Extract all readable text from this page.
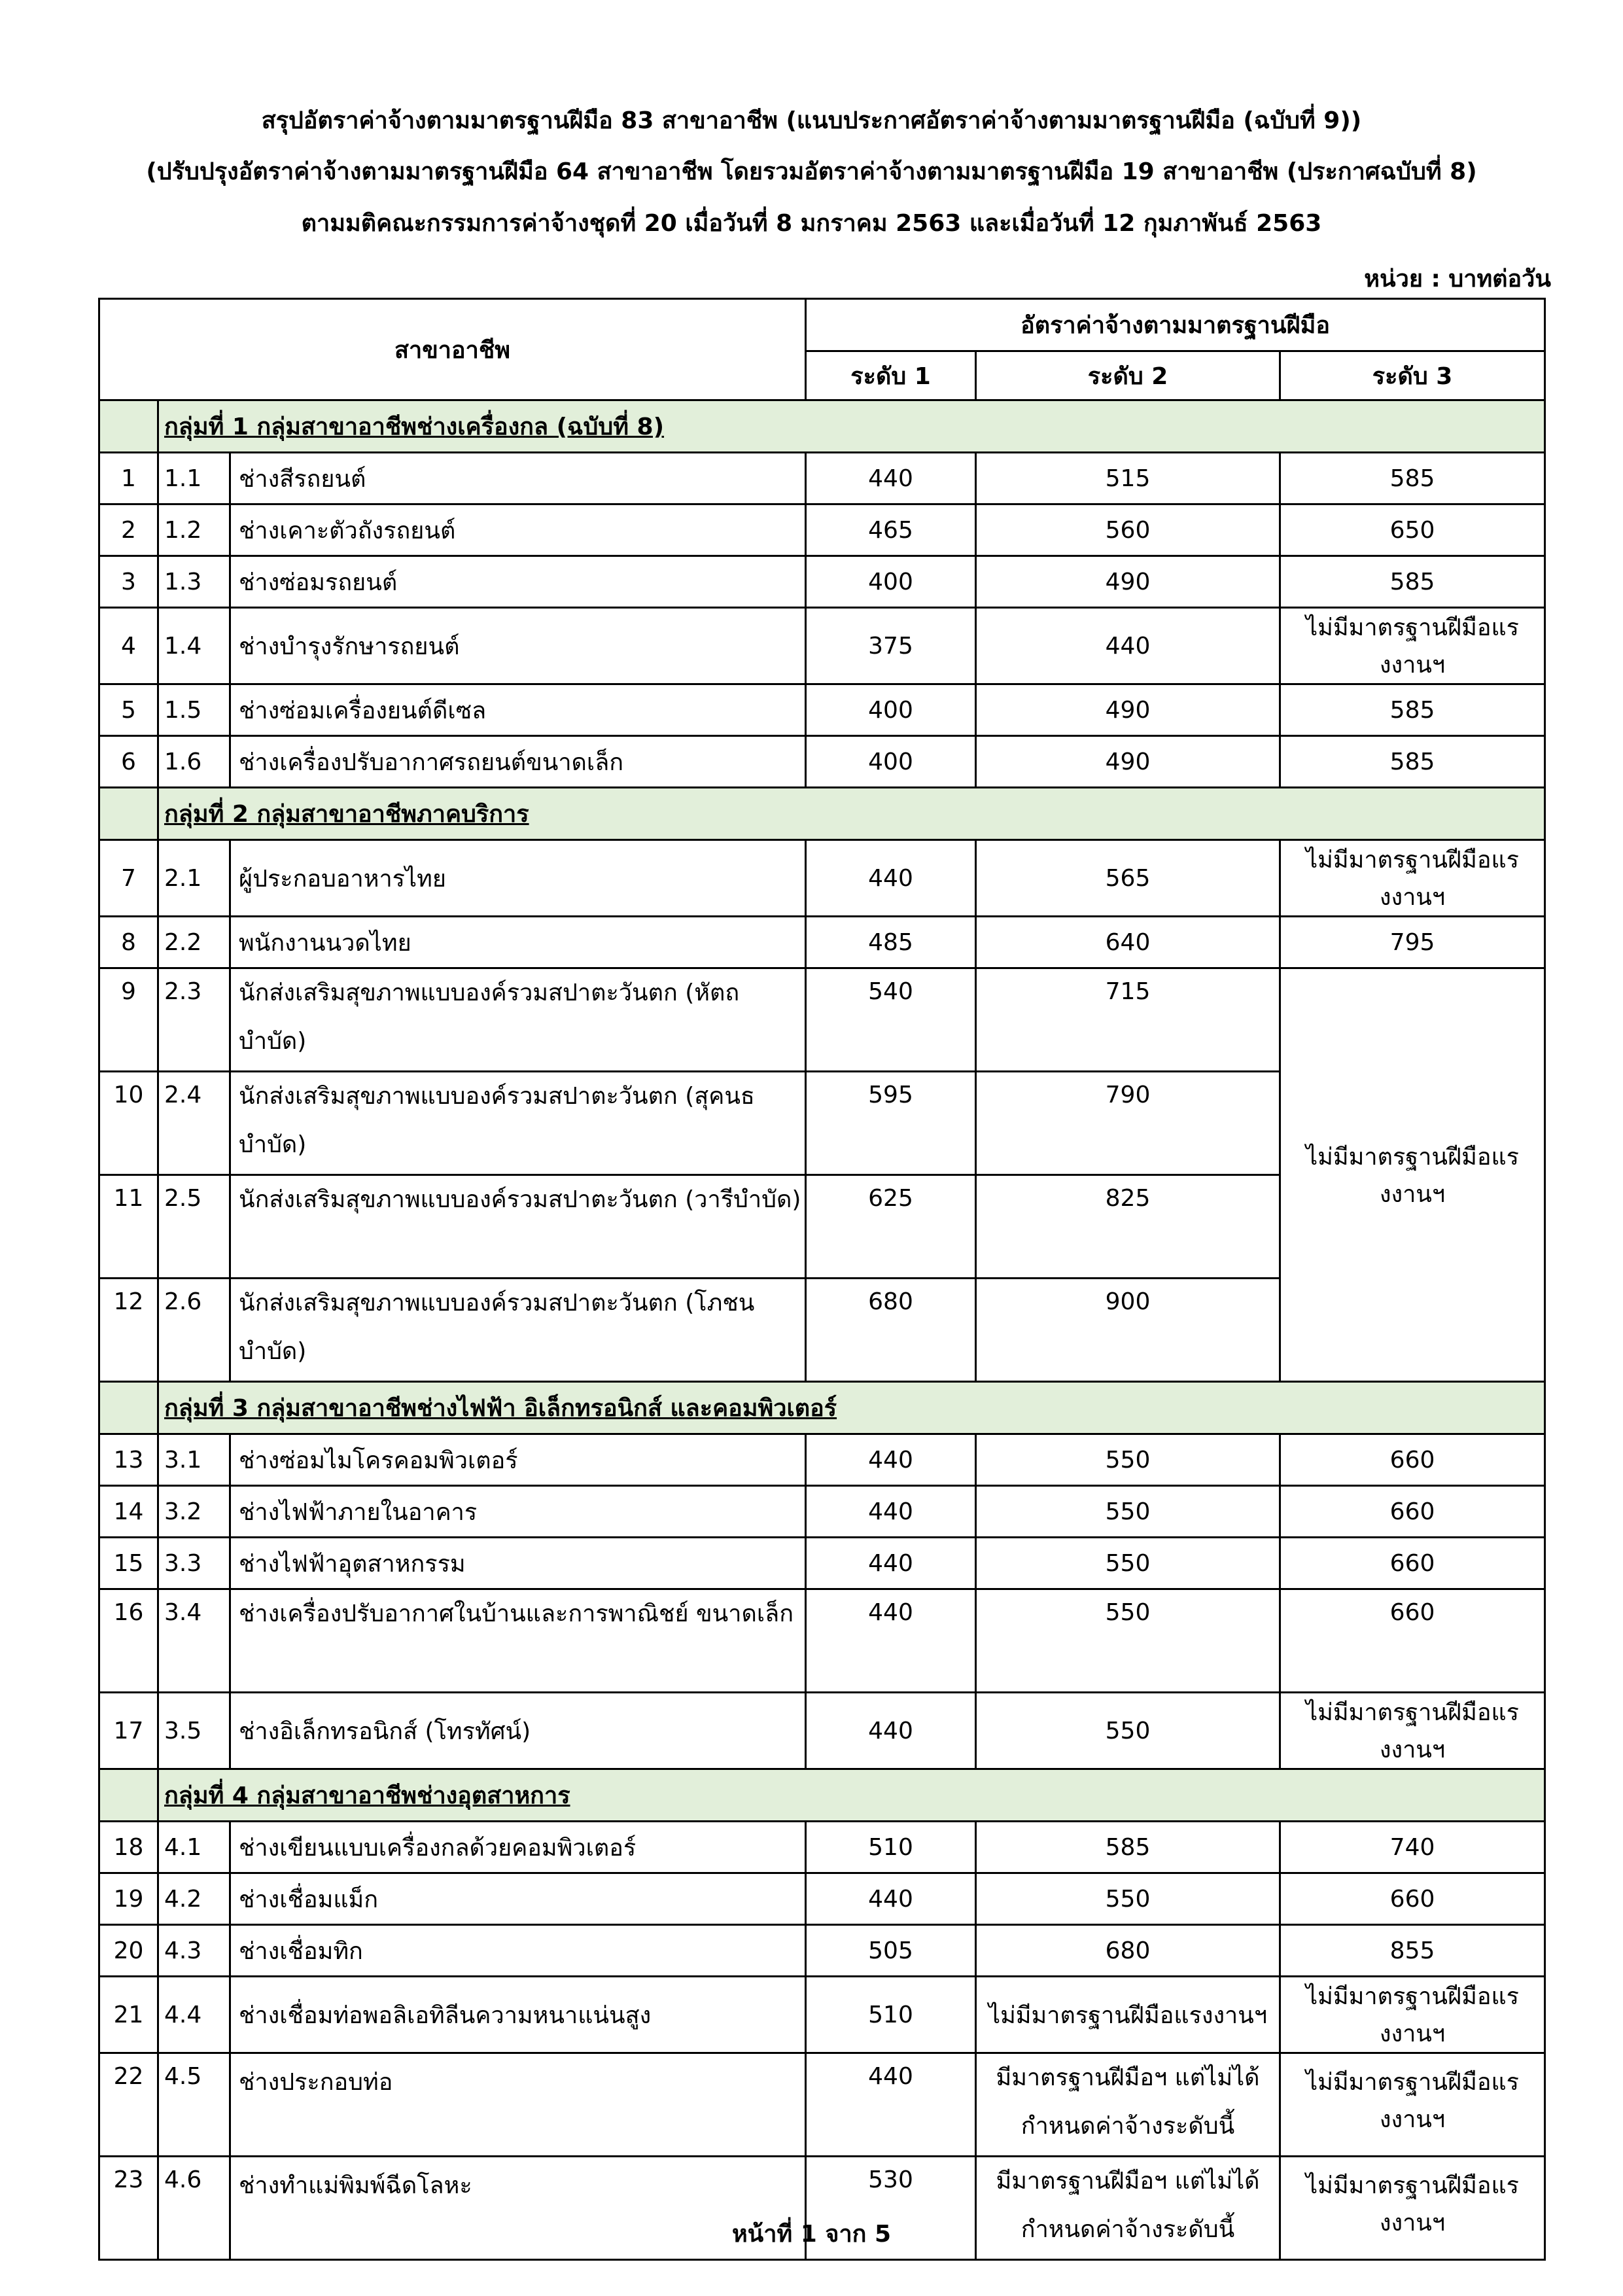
สรุปอัตราค่าจ้างตามมาตรฐานฝีมือ 83 สาขาอาชีพ (แนบประกาศอัตราค่าจ้างตามมาตรฐานฝีมือ (ฉบับที่ 9))
(ปรับปรุงอัตราค่าจ้างตามมาตรฐานฝีมือ 64 สาขาอาชีพ โดยรวมอัตราค่าจ้างตามมาตรฐานฝีมือ 19 สาขาอาชีพ (ประกาศฉบับที่ 8)
ตามมติคณะกรรมการค่าจ้างชุดที่ 20 เมื่อวันที่ 8 มกราคม 2563 และเมื่อวันที่ 12 กุมภาพันธ์ 2563
หน่วย : บาทต่อวัน
สาขาอาชีพ			อัตราค่าจ้างตามมาตรฐานฝีมือ		
			ระดับ 1	ระดับ 2	ระดับ 3
	กลุ่มที่ 1 กลุ่มสาขาอาชีพช่างเครื่องกล (ฉบับที่ 8)				
1	1.1	ช่างสีรถยนต์	440	515	585
2	1.2	ช่างเคาะตัวถังรถยนต์	465	560	650
3	1.3	ช่างซ่อมรถยนต์	400	490	585
4	1.4	ช่างบำรุงรักษารถยนต์	375	440	ไม่มีมาตรฐานฝีมือแรงงานฯ
5	1.5	ช่างซ่อมเครื่องยนต์ดีเซล	400	490	585
6	1.6	ช่างเครื่องปรับอากาศรถยนต์ขนาดเล็ก	400	490	585
	กลุ่มที่ 2 กลุ่มสาขาอาชีพภาคบริการ				
7	2.1	ผู้ประกอบอาหารไทย	440	565	ไม่มีมาตรฐานฝีมือแรงงานฯ
8	2.2	พนักงานนวดไทย	485	640	795
9	2.3	นักส่งเสริมสุขภาพแบบองค์รวมสปาตะวันตก (หัตถบำบัด)	540	715	ไม่มีมาตรฐานฝีมือแรงงานฯ
10	2.4	นักส่งเสริมสุขภาพแบบองค์รวมสปาตะวันตก (สุคนธบำบัด)	595	790	
11	2.5	นักส่งเสริมสุขภาพแบบองค์รวมสปาตะวันตก (วารีบำบัด)	625	825	
12	2.6	นักส่งเสริมสุขภาพแบบองค์รวมสปาตะวันตก (โภชนบำบัด)	680	900	
	กลุ่มที่ 3 กลุ่มสาขาอาชีพช่างไฟฟ้า อิเล็กทรอนิกส์ และคอมพิวเตอร์				
13	3.1	ช่างซ่อมไมโครคอมพิวเตอร์	440	550	660
14	3.2	ช่างไฟฟ้าภายในอาคาร	440	550	660
15	3.3	ช่างไฟฟ้าอุตสาหกรรม	440	550	660
16	3.4	ช่างเครื่องปรับอากาศในบ้านและการพาณิชย์ ขนาดเล็ก	440	550	660
17	3.5	ช่างอิเล็กทรอนิกส์ (โทรทัศน์)	440	550	ไม่มีมาตรฐานฝีมือแรงงานฯ
	กลุ่มที่ 4 กลุ่มสาขาอาชีพช่างอุตสาหการ				
18	4.1	ช่างเขียนแบบเครื่องกลด้วยคอมพิวเตอร์	510	585	740
19	4.2	ช่างเชื่อมแม็ก	440	550	660
20	4.3	ช่างเชื่อมทิก	505	680	855
21	4.4	ช่างเชื่อมท่อพอลิเอทิลีนความหนาแน่นสูง	510	ไม่มีมาตรฐานฝีมือแรงงานฯ	ไม่มีมาตรฐานฝีมือแรงงานฯ
22	4.5	ช่างประกอบท่อ	440	มีมาตรฐานฝีมือฯ แต่ไม่ได้ กำหนดค่าจ้างระดับนี้	ไม่มีมาตรฐานฝีมือแรงงานฯ
23	4.6	ช่างทำแม่พิมพ์ฉีดโลหะ	530	มีมาตรฐานฝีมือฯ แต่ไม่ได้ กำหนดค่าจ้างระดับนี้	ไม่มีมาตรฐานฝีมือแรงงานฯ
หน้าที่ 1 จาก 5
